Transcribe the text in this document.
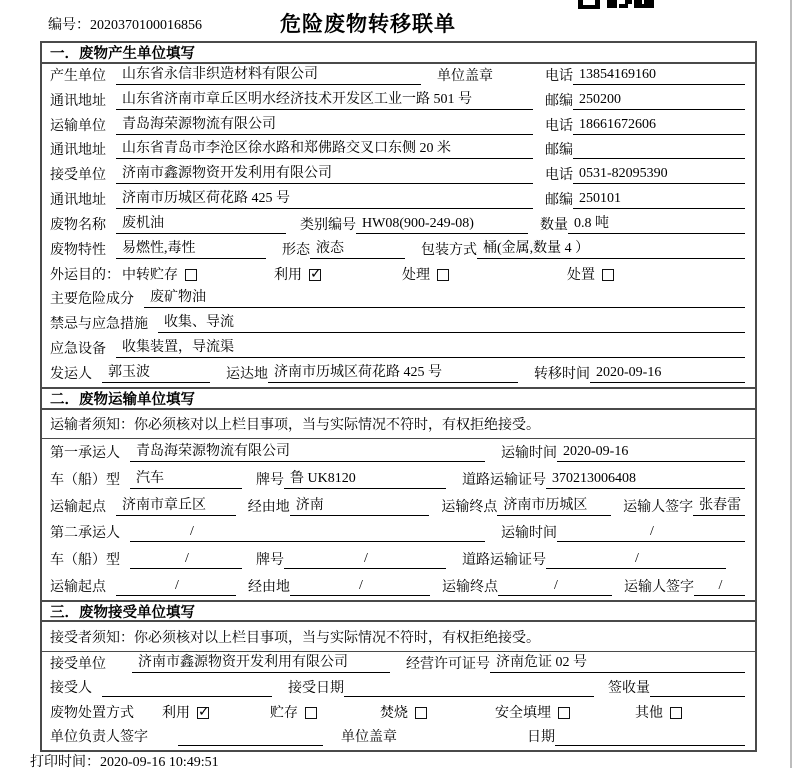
编号：2020370100016856	危险废物转移联单
一．废物产生单位填写
产生单位	山东省永信非织造材料有限公司	单位盖章	电话 13854169160
通讯地址	山东省济南市章丘区明水经济技术开发区工业一路 501 号	邮编 250200
运输单位	青岛海荣源物流有限公司	电话 18661672606
通讯地址	山东省青岛市李沧区徐水路和郑佛路交叉口东侧 20 米	邮编
接受单位	济南市鑫源物资开发利用有限公司	电话 0531-82095390
通讯地址	济南市历城区荷花路 425 号	邮编 250101
废物名称	废机油	类别编号 HW08(900-249-08)	数量 0.8 吨
废物特性	易燃性,毒性	形态 液态	包装方式 桶(金属,数量 4 ）
外运目的： 中转贮存	利用 ✓	处理	处置
主要危险成分	废矿物油
禁忌与应急措施	收集、导流
应急设备	收集装置，导流渠
发运人	郭玉波	运达地 济南市历城区荷花路 425 号	转移时间 2020-09-16
二．废物运输单位填写
运输者须知：你必须核对以上栏目事项，当与实际情况不符时，有权拒绝接受。
第一承运人	青岛海荣源物流有限公司	运输时间 2020-09-16
车（船）型	汽车	牌号 鲁 UK8120	道路运输证号 370213006408
运输起点	济南市章丘区	经由地 济南	运输终点 济南市历城区	运输人签字 张春雷
第二承运人	/	运输时间	/
车（船）型	/	牌号	/	道路运输证号	/
运输起点	/	经由地	/	运输终点	/	运输人签字	/
三．废物接受单位填写
接受者须知：你必须核对以上栏目事项，当与实际情况不符时，有权拒绝接受。
接受单位	济南市鑫源物资开发利用有限公司	经营许可证号 济南危证 02 号
接受人	接受日期	签收量
废物处置方式 利用 ✓	贮存	焚烧	安全填埋	其他
单位负责人签字	单位盖章	日期
打印时间：2020-09-16 10:49:51
